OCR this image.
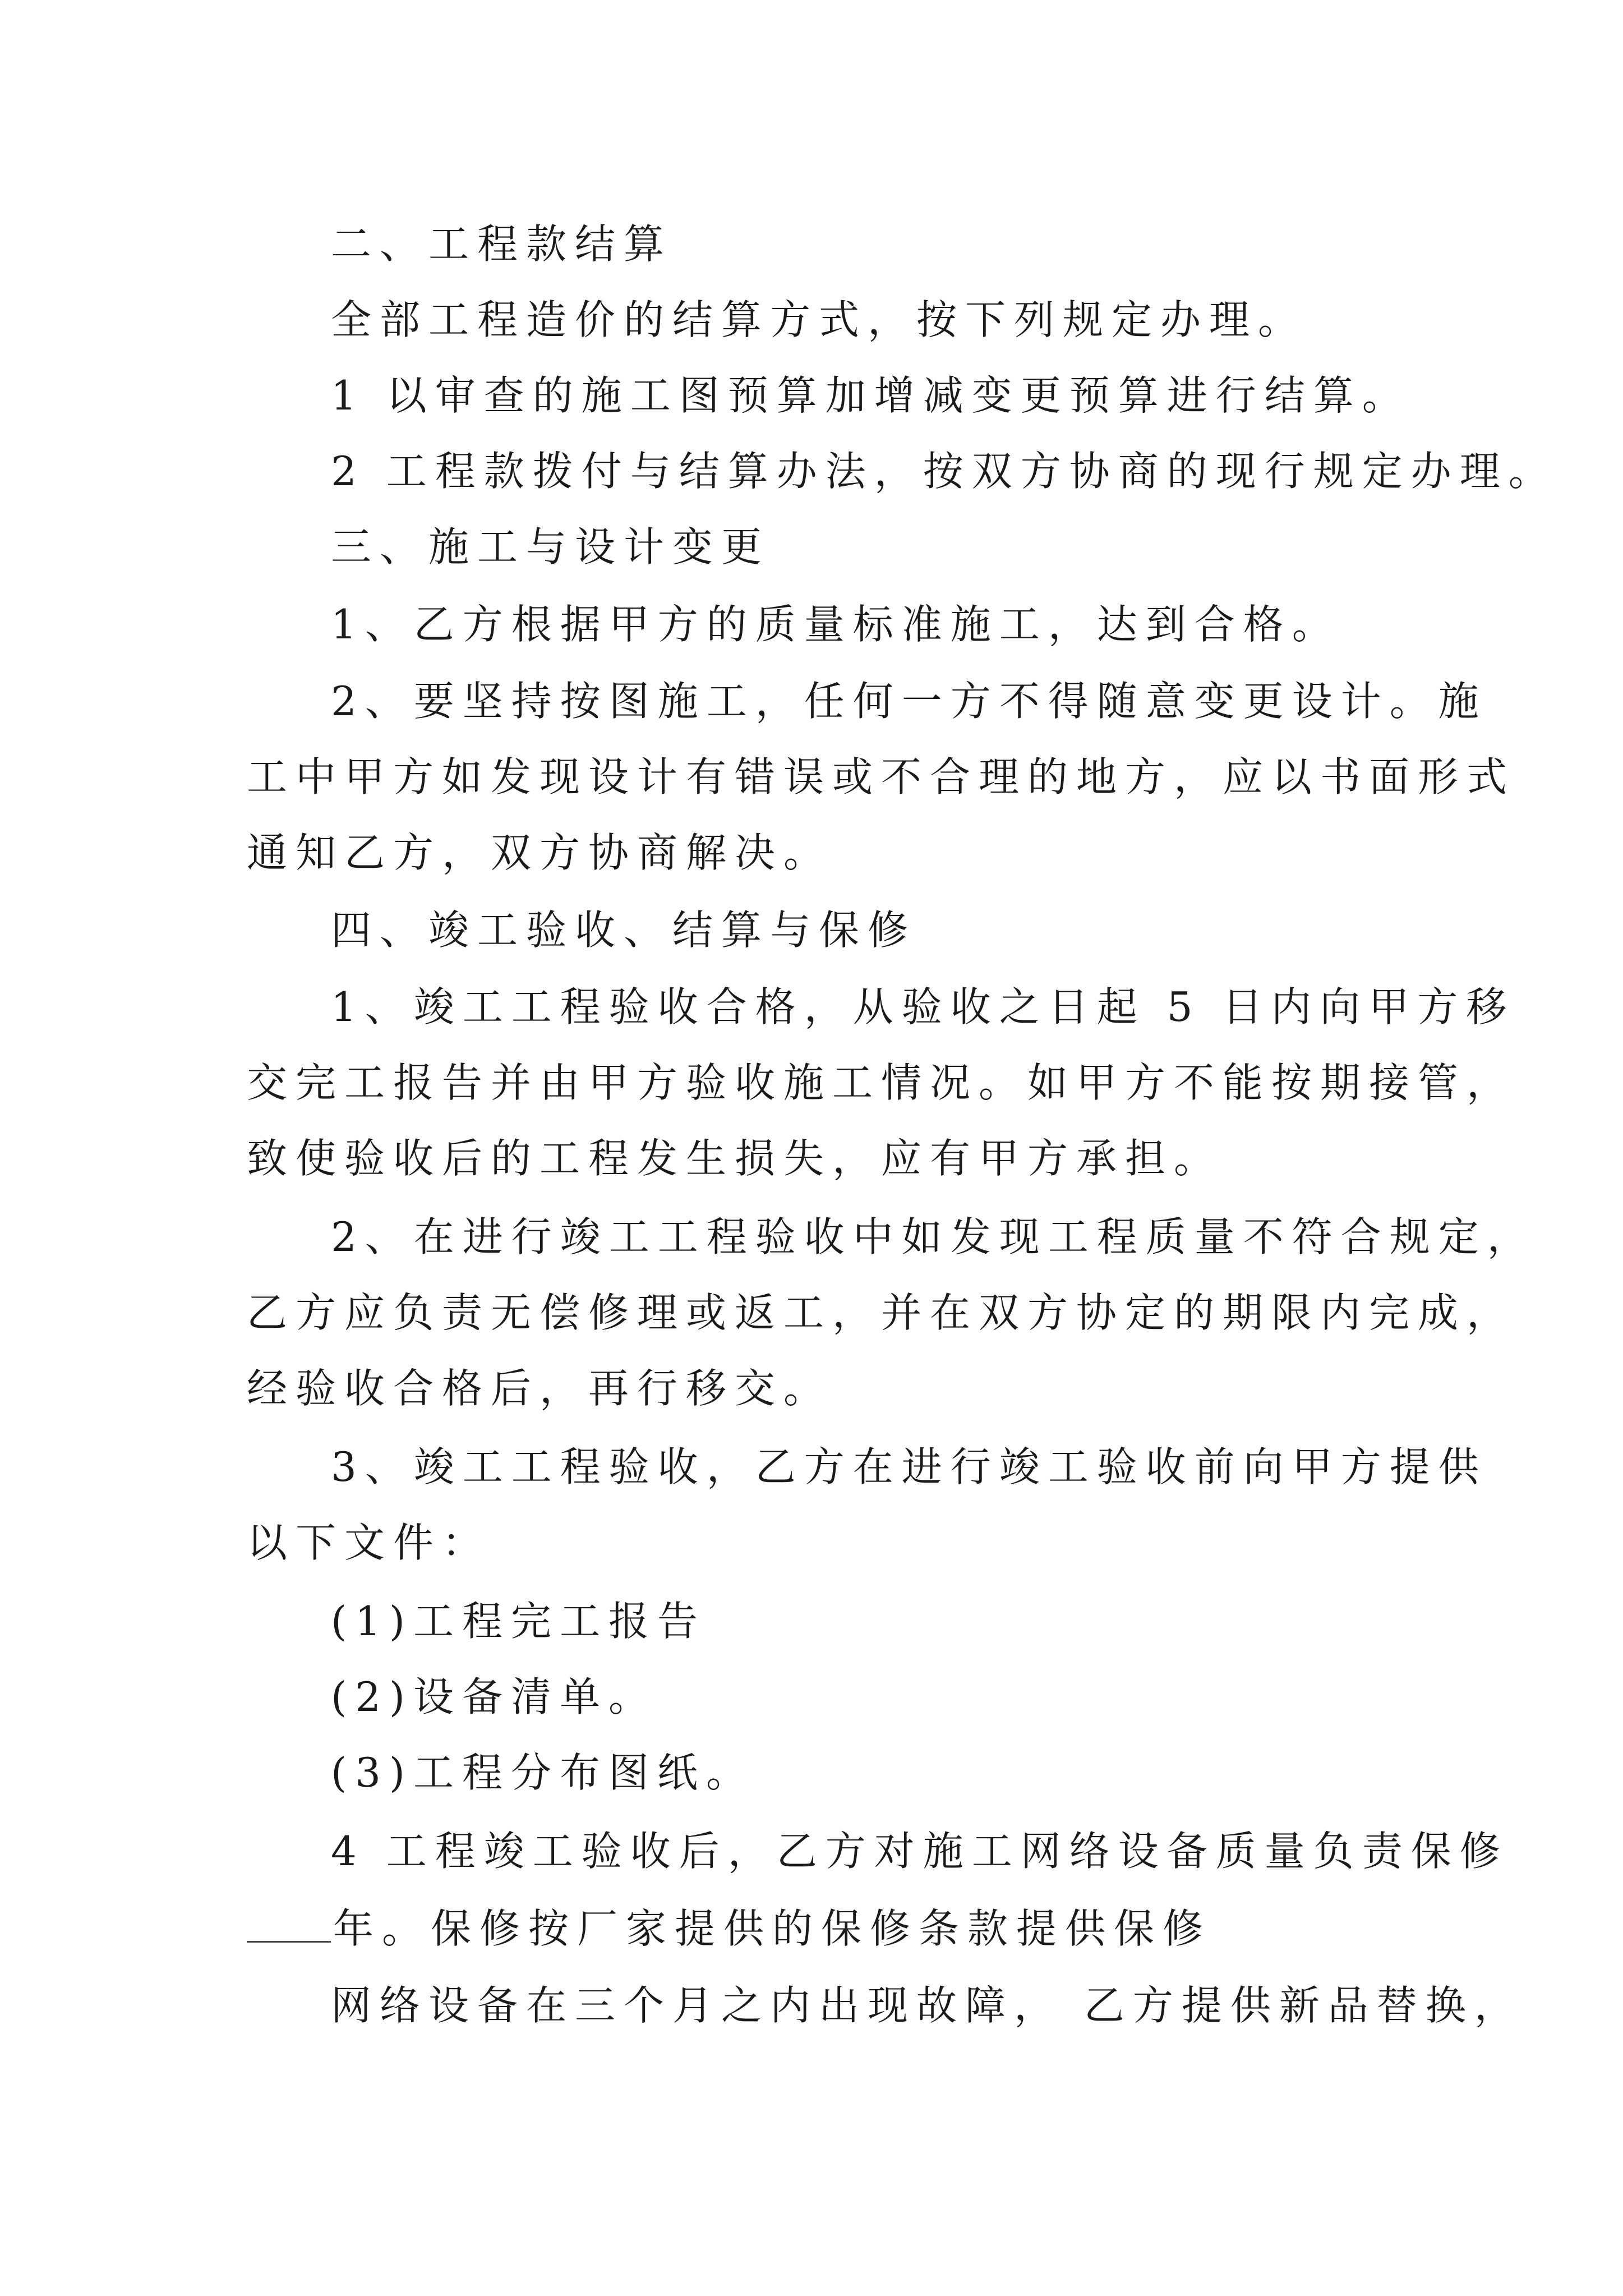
二、工程款结算
全部工程造价的结算方式，按下列规定办理。
1 以审查的施工图预算加增减变更预算进行结算。
2 工程款拨付与结算办法，按双方协商的现行规定办理。
三、施工与设计变更
1、乙方根据甲方的质量标准施工，达到合格。
2、要坚持按图施工，任何一方不得随意变更设计。施
工中甲方如发现设计有错误或不合理的地方，应以书面形式
通知乙方，双方协商解决。
四、竣工验收、结算与保修
1、竣工工程验收合格，从验收之日起 5 日内向甲方移
交完工报告并由甲方验收施工情况。如甲方不能按期接管，
致使验收后的工程发生损失，应有甲方承担。
2、在进行竣工工程验收中如发现工程质量不符合规定，
乙方应负责无偿修理或返工，并在双方协定的期限内完成，
经验收合格后，再行移交。
3、竣工工程验收，乙方在进行竣工验收前向甲方提供
以下文件：
(1)工程完工报告
(2)设备清单。
(3)工程分布图纸。
4 工程竣工验收后，乙方对施工网络设备质量负责保修
年。保修按厂家提供的保修条款提供保修
网络设备在三个月之内出现故障， 乙方提供新品替换，
